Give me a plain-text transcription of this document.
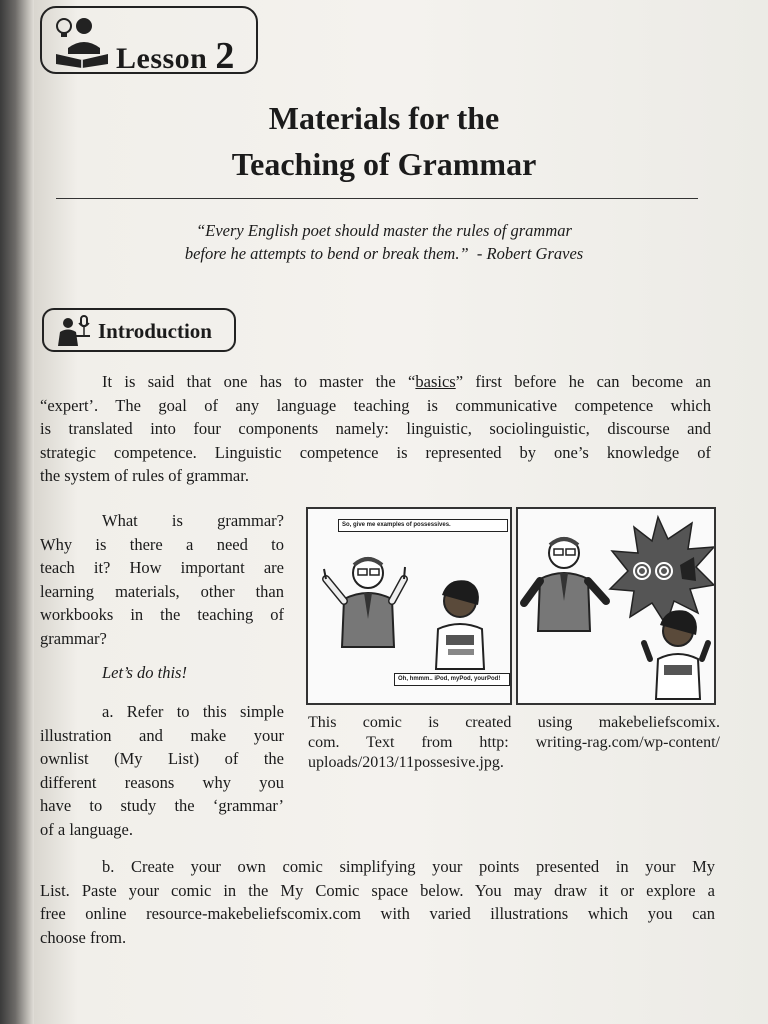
Lesson 2
Materials for the
Teaching of Grammar
“Every English poet should master the rules of grammar
before he attempts to bend or break them.” - Robert Graves
Introduction
It is said that one has to master the “basics” first before he can become an
“expert’. The goal of any language teaching is communicative competence which
is translated into four components namely: linguistic, sociolinguistic, discourse and
strategic competence. Linguistic competence is represented by one’s knowledge of
the system of rules of grammar.
What is grammar?
Why is there a need to
teach it? How important are
learning materials, other than
workbooks in the teaching of
grammar?
Let’s do this!
a. Refer to this simple
illustration and make your
ownlist (My List) of the
different reasons why you
have to study the ‘grammar’
of a language.
So, give me examples of possessives.
Oh, hmmm.. iPod, myPod, yourPod!
This comic is created using makebeliefscomix.
com. Text from http: writing-rag.com/wp-content/
uploads/2013/11possesive.jpg.
b. Create your own comic simplifying your points presented in your My
List. Paste your comic in the My Comic space below. You may draw it or explore a
free online resource-makebeliefscomix.com with varied illustrations which you can
choose from.
